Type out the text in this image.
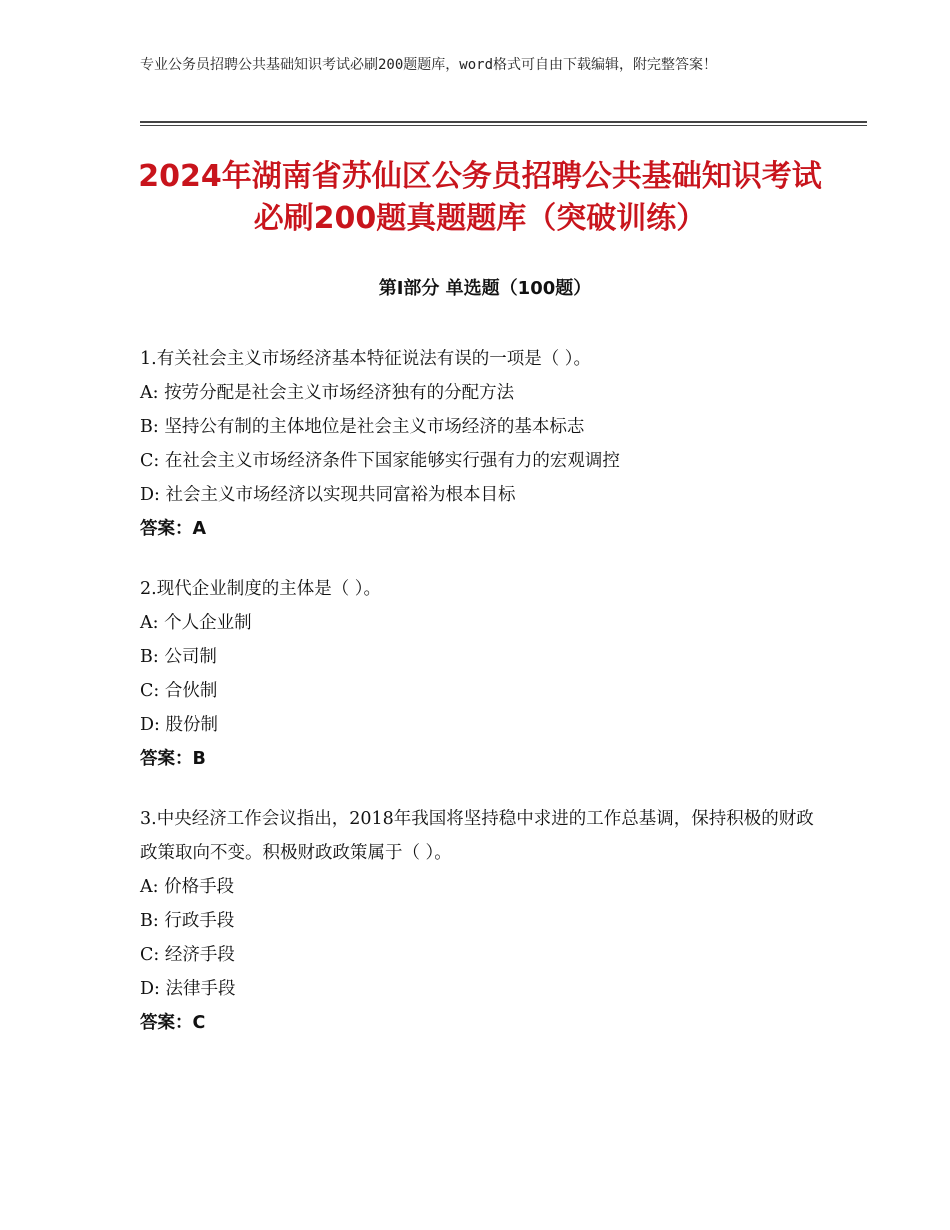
专业公务员招聘公共基础知识考试必刷200题题库，word格式可自由下载编辑，附完整答案！
2024年湖南省苏仙区公务员招聘公共基础知识考试必刷200题真题题库（突破训练）
第Ⅰ部分 单选题（100题）

1.有关社会主义市场经济基本特征说法有误的一项是（ ）。

A: 按劳分配是社会主义市场经济独有的分配方法

B: 坚持公有制的主体地位是社会主义市场经济的基本标志

C: 在社会主义市场经济条件下国家能够实行强有力的宏观调控

D: 社会主义市场经济以实现共同富裕为根本目标

答案：A

2.现代企业制度的主体是（ ）。

A: 个人企业制

B: 公司制

C: 合伙制

D: 股份制

答案：B

3.中央经济工作会议指出，2018年我国将坚持稳中求进的工作总基调，保持积极的财政政策取向不变。积极财政政策属于（ ）。

A: 价格手段

B: 行政手段

C: 经济手段

D: 法律手段

答案：C
